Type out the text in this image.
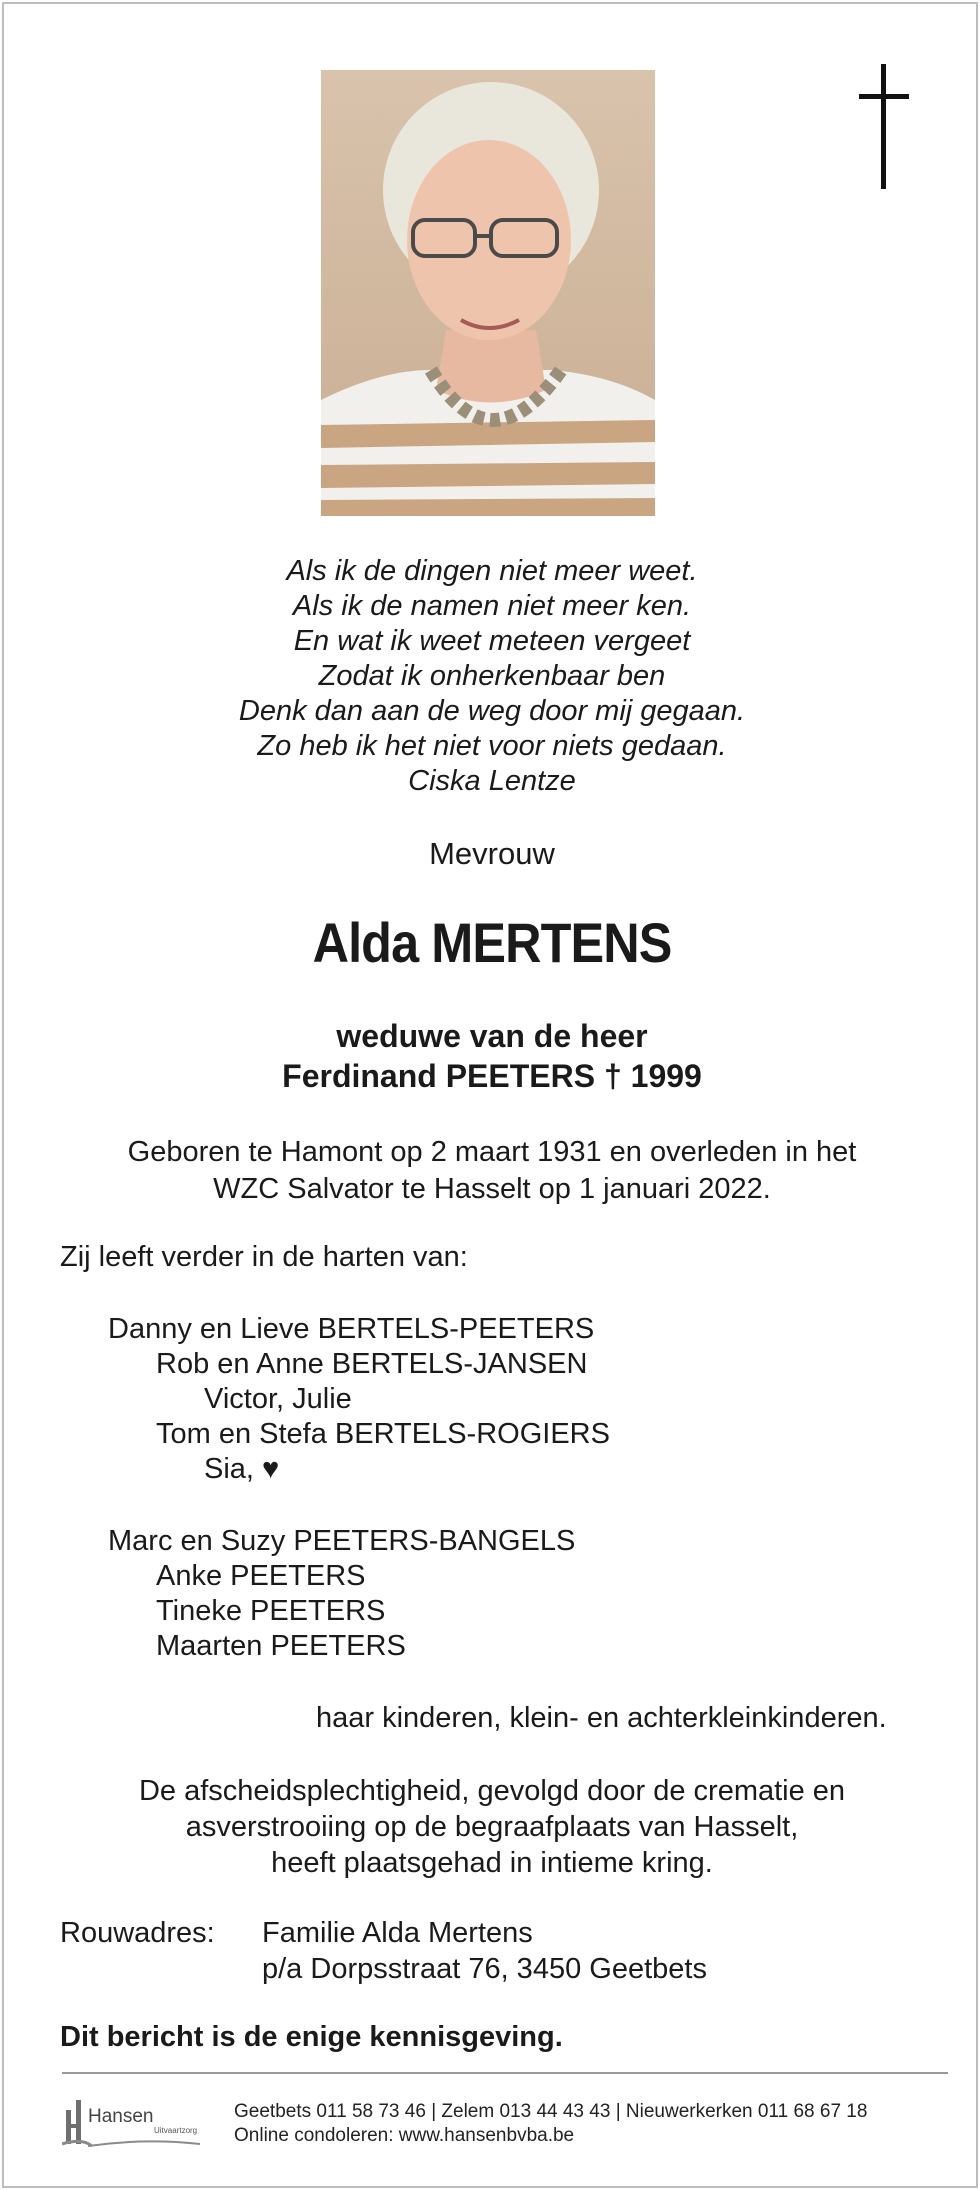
Als ik de dingen niet meer weet.
Als ik de namen niet meer ken.
En wat ik weet meteen vergeet
Zodat ik onherkenbaar ben
Denk dan aan de weg door mij gegaan.
Zo heb ik het niet voor niets gedaan.
Ciska Lentze
Mevrouw
Alda MERTENS
weduwe van de heer
Ferdinand PEETERS † 1999
Geboren te Hamont op 2 maart 1931 en overleden in het
WZC Salvator te Hasselt op 1 januari 2022.
Zij leeft verder in de harten van:
Danny en Lieve BERTELS-PEETERS
Rob en Anne BERTELS-JANSEN
Victor, Julie
Tom en Stefa BERTELS-ROGIERS
Sia, ♥
Marc en Suzy PEETERS-BANGELS
Anke PEETERS
Tineke PEETERS
Maarten PEETERS
haar kinderen, klein- en achterkleinkinderen.
De afscheidsplechtigheid, gevolgd door de crematie en
asverstrooiing op de begraafplaats van Hasselt,
heeft plaatsgehad in intieme kring.
Rouwadres: Familie Alda Mertens
p/a Dorpsstraat 76, 3450 Geetbets
Dit bericht is de enige kennisgeving.
Hansen
Uitvaartzorg
Geetbets 011 58 73 46 | Zelem 013 44 43 43 | Nieuwerkerken 011 68 67 18
Online condoleren: www.hansenbvba.be
